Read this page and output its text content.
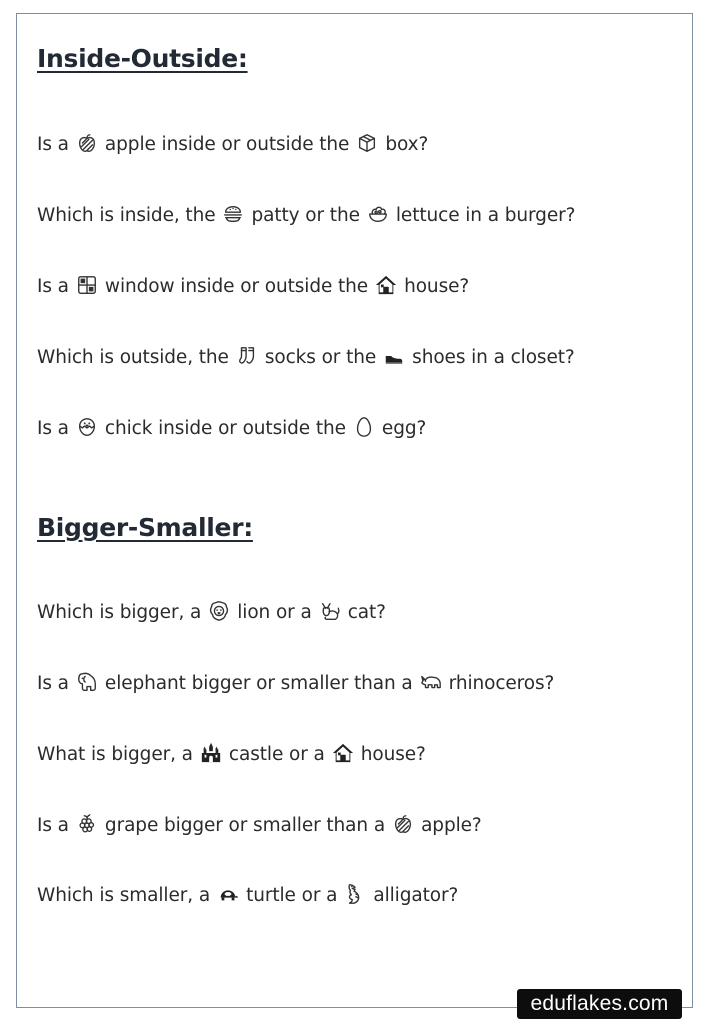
Inside-Outside:
Is a apple inside or outside the box?
Which is inside, the patty or the lettuce in a burger?
Is a window inside or outside the house?
Which is outside, the socks or the shoes in a closet?
Is a chick inside or outside the egg?
Bigger-Smaller:
Which is bigger, a lion or a cat?
Is a elephant bigger or smaller than a rhinoceros?
What is bigger, a castle or a house?
Is a grape bigger or smaller than a apple?
Which is smaller, a turtle or a alligator?
eduflakes.com
